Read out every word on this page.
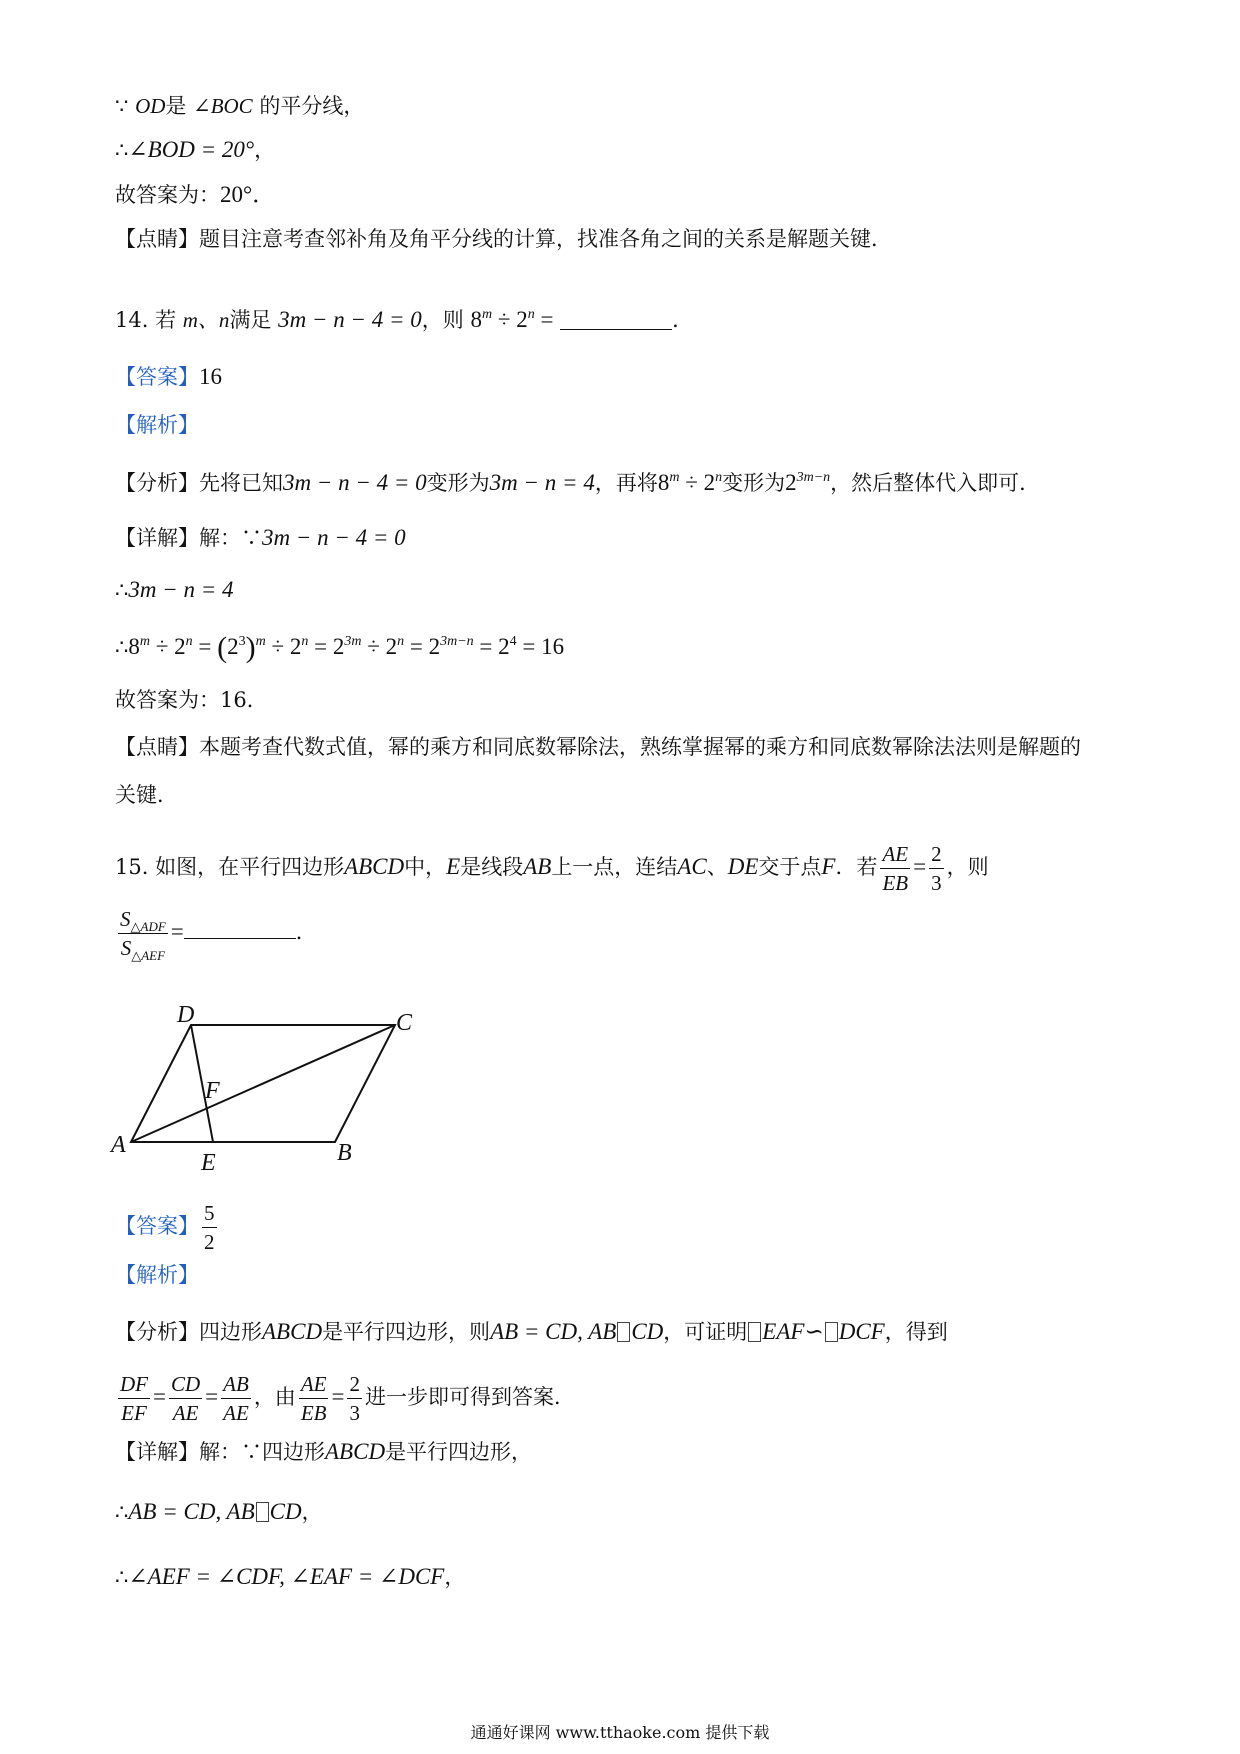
∵ OD是 ∠BOC 的平分线，
∴∠BOD = 20°，
故答案为：20°．
【点睛】题目注意考查邻补角及角平分线的计算，找准各角之间的关系是解题关键．
14. 若 m、n满足 3m − n − 4 = 0，则 $8^m \div 2^n$ =	．
【答案】16
【解析】
【分析】先将已知3m − n − 4 = 0变形为3m − n = 4，再将$8^m \div 2^n$变形为$2^{3m-n}$，然后整体代入即可．
【详解】解：∵3m − n − 4 = 0
∴3m − n = 4
$\therefore 8^m \div 2^n = (2^3)^m \div 2^n = 2^{3m} \div 2^n = 2^{3m-n} = 2^4 = 16$
故答案为：16．
【点睛】本题考查代数式值，幂的乘方和同底数幂除法，熟练掌握幂的乘方和同底数幂除法法则是解题的
关键．
15. 如图，在平行四边形ABCD中，E是线段AB上一点，连结AC、DE交于点F．若 $\frac{AE}{EB} = \frac{2}{3}$ ，则
$\frac{S_{\triangle ADF}}{S_{\triangle AEF}}$ =	．
D	C
F
A
E	B
【答案】 $\frac{5}{2}$
【解析】
【分析】四边形ABCD是平行四边形，则AB = CD, AB CD，可证明 EAF∽ DCF，得到
$\frac{DF}{EF} = \frac{CD}{AE} = \frac{AB}{AE}$ ，由 $\frac{AE}{EB} = \frac{2}{3}$ 进一步即可得到答案．
【详解】解：∵四边形ABCD是平行四边形，
∴AB = CD, AB CD，
∴∠AEF = ∠CDF, ∠EAF = ∠DCF，
通通好课网 www.tthaoke.com 提供下载
